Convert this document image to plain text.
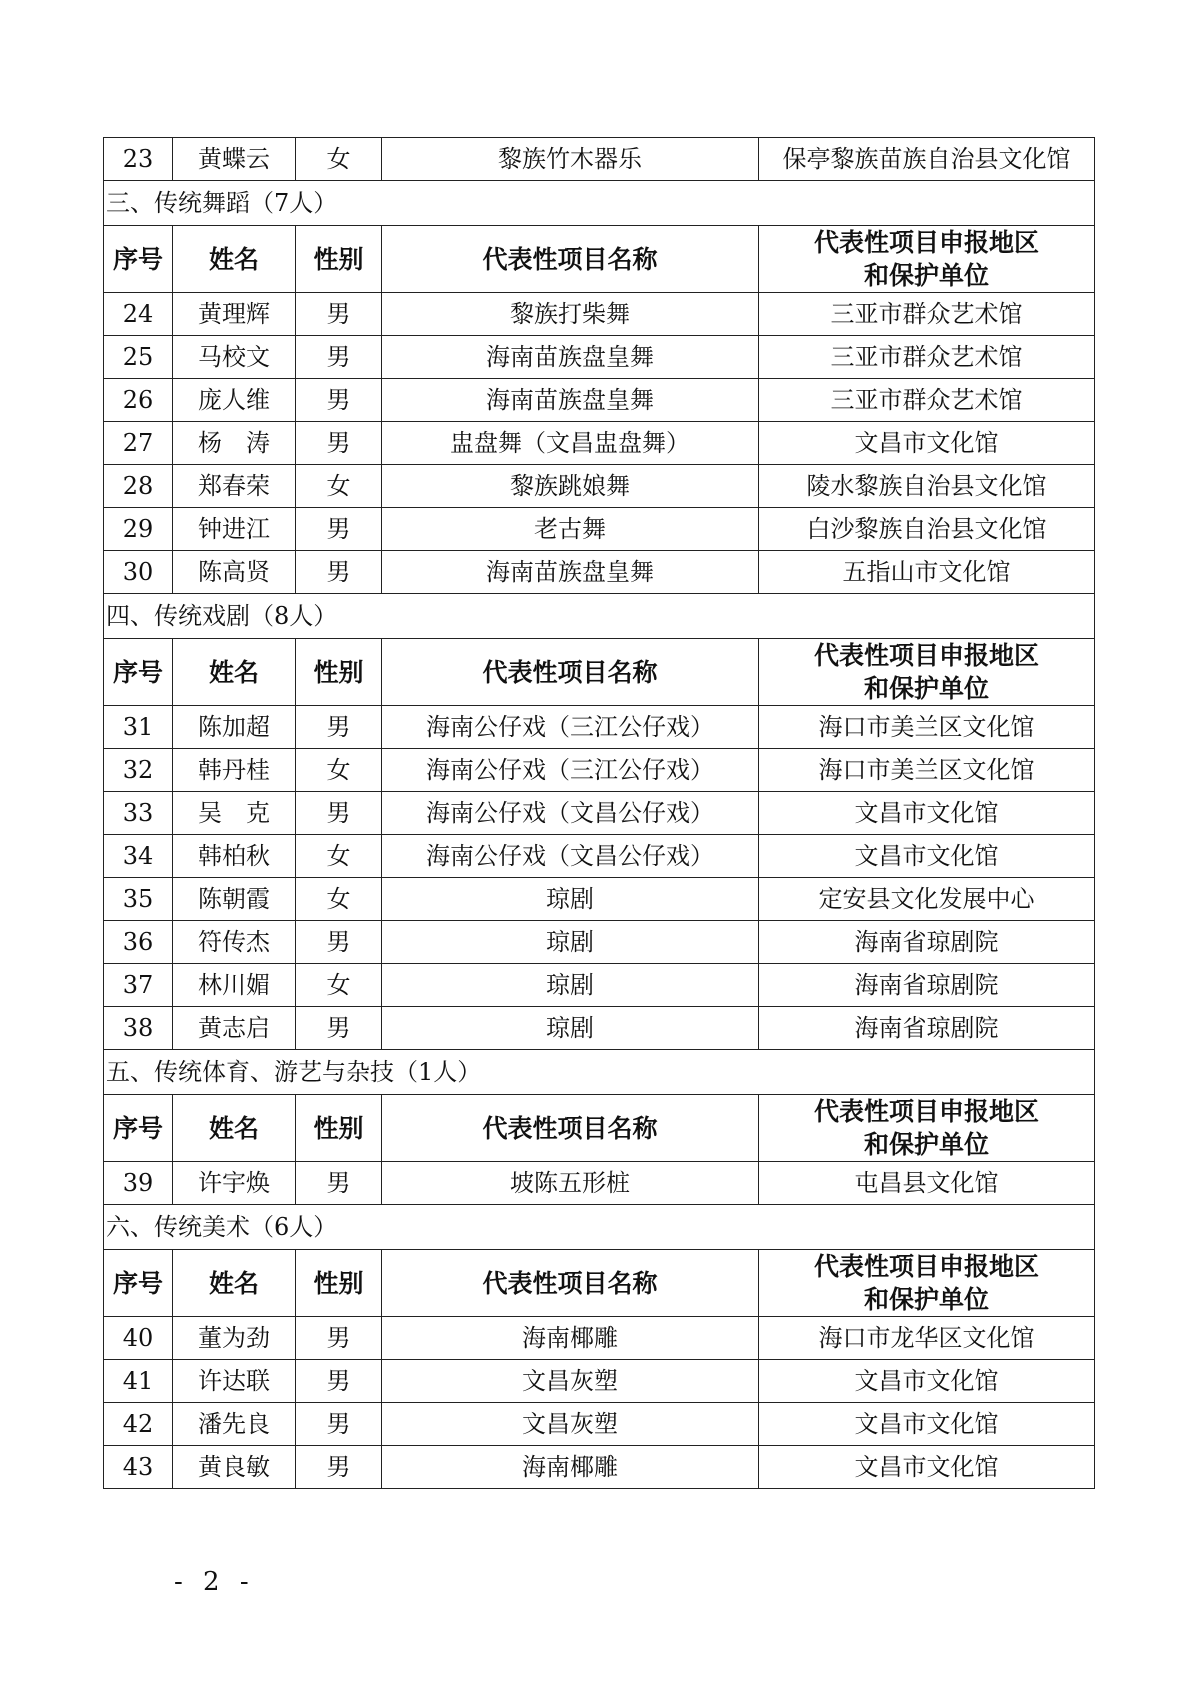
23	黄蝶云	女	黎族竹木器乐	保亭黎族苗族自治县文化馆
三、传统舞蹈（7人）				
序号	姓名	性别	代表性项目名称	代表性项目申报地区
和保护单位

24	黄理辉	男	黎族打柴舞	三亚市群众艺术馆
25	马校文	男	海南苗族盘皇舞	三亚市群众艺术馆
26	庞人维	男	海南苗族盘皇舞	三亚市群众艺术馆
27	杨　涛	男	盅盘舞（文昌盅盘舞）	文昌市文化馆
28	郑春荣	女	黎族跳娘舞	陵水黎族自治县文化馆
29	钟进江	男	老古舞	白沙黎族自治县文化馆
30	陈高贤	男	海南苗族盘皇舞	五指山市文化馆
四、传统戏剧（8人）				
序号	姓名	性别	代表性项目名称	代表性项目申报地区
和保护单位

31	陈加超	男	海南公仔戏（三江公仔戏）	海口市美兰区文化馆
32	韩丹桂	女	海南公仔戏（三江公仔戏）	海口市美兰区文化馆
33	吴　克	男	海南公仔戏（文昌公仔戏）	文昌市文化馆
34	韩柏秋	女	海南公仔戏（文昌公仔戏）	文昌市文化馆
35	陈朝霞	女	琼剧	定安县文化发展中心
36	符传杰	男	琼剧	海南省琼剧院
37	林川媚	女	琼剧	海南省琼剧院
38	黄志启	男	琼剧	海南省琼剧院
五、传统体育、游艺与杂技（1人）				
序号	姓名	性别	代表性项目名称	代表性项目申报地区
和保护单位

39	许宇焕	男	坡陈五形桩	屯昌县文化馆
六、传统美术（6人）				
序号	姓名	性别	代表性项目名称	代表性项目申报地区
和保护单位

40	董为劲	男	海南椰雕	海口市龙华区文化馆
41	许达联	男	文昌灰塑	文昌市文化馆
42	潘先良	男	文昌灰塑	文昌市文化馆
43	黄良敏	男	海南椰雕	文昌市文化馆
- 2 -
